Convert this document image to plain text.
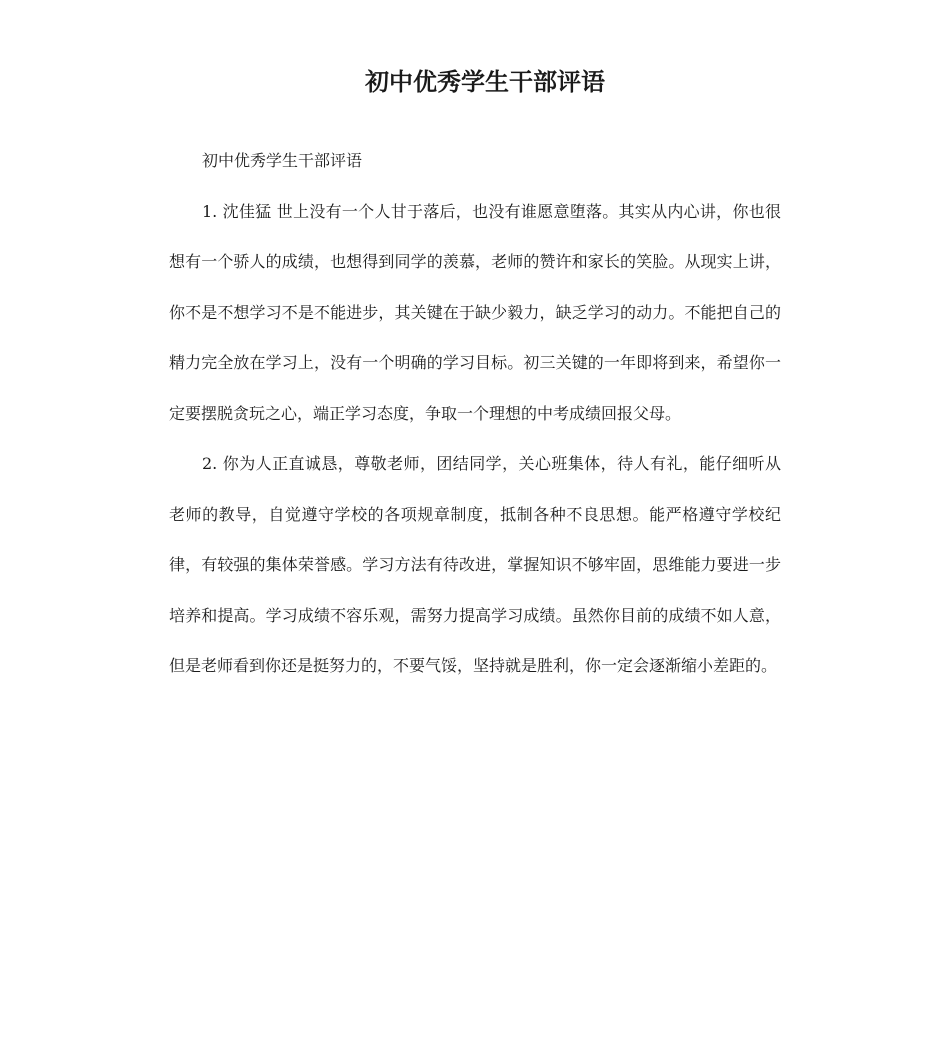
初中优秀学生干部评语

初中优秀学生干部评语

1. 沈佳猛 世上没有一个人甘于落后，也没有谁愿意堕落。其实从内心讲，你也很想有一个骄人的成绩，也想得到同学的羡慕，老师的赞许和家长的笑脸。从现实上讲，你不是不想学习不是不能进步，其关键在于缺少毅力，缺乏学习的动力。不能把自己的精力完全放在学习上，没有一个明确的学习目标。初三关键的一年即将到来，希望你一定要摆脱贪玩之心，端正学习态度，争取一个理想的中考成绩回报父母。

2. 你为人正直诚恳，尊敬老师，团结同学，关心班集体，待人有礼，能仔细听从老师的教导，自觉遵守学校的各项规章制度，抵制各种不良思想。能严格遵守学校纪律，有较强的集体荣誉感。学习方法有待改进，掌握知识不够牢固，思维能力要进一步培养和提高。学习成绩不容乐观，需努力提高学习成绩。虽然你目前的成绩不如人意，但是老师看到你还是挺努力的，不要气馁，坚持就是胜利，你一定会逐渐缩小差距的。
